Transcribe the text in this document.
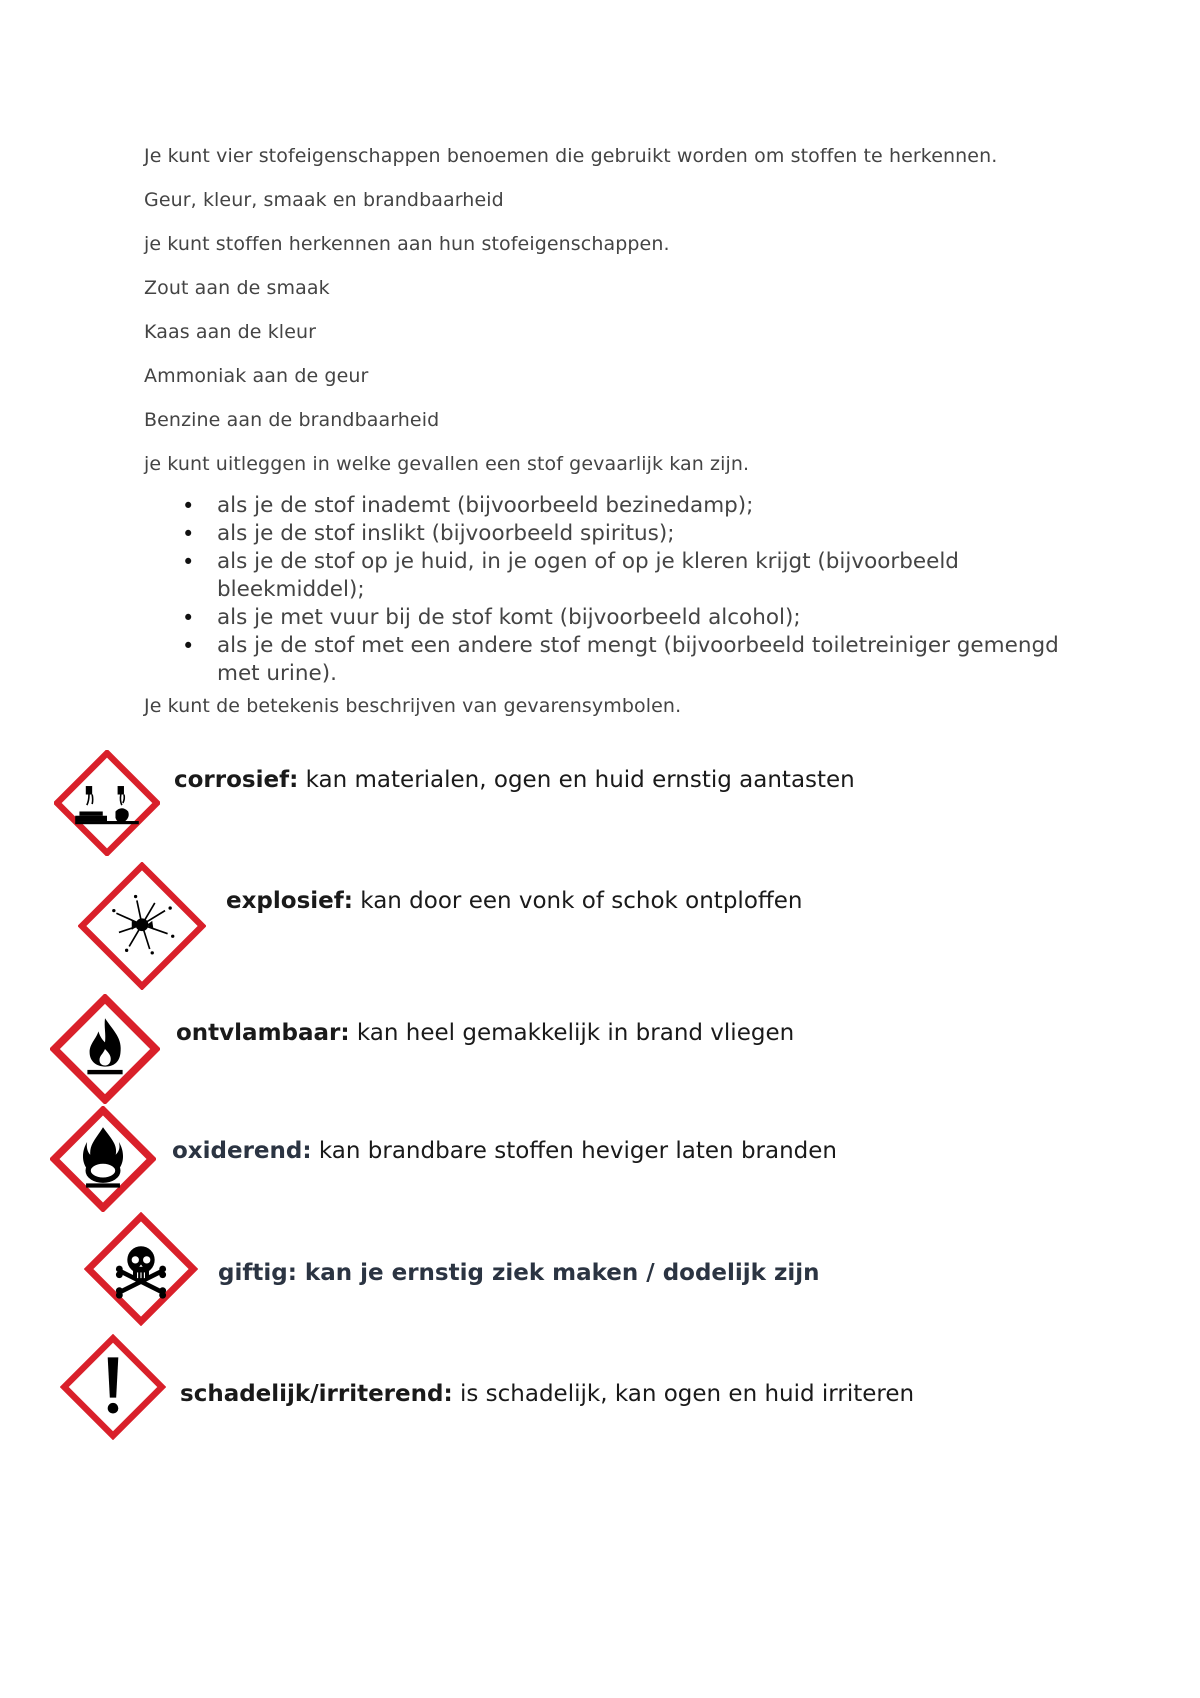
Je kunt vier stofeigenschappen benoemen die gebruikt worden om stoffen te herkennen.
Geur, kleur, smaak en brandbaarheid
je kunt stoffen herkennen aan hun stofeigenschappen.
Zout aan de smaak
Kaas aan de kleur
Ammoniak aan de geur
Benzine aan de brandbaarheid
je kunt uitleggen in welke gevallen een stof gevaarlijk kan zijn.
• als je de stof inademt (bijvoorbeeld bezinedamp);
• als je de stof inslikt (bijvoorbeeld spiritus);
• als je de stof op je huid, in je ogen of op je kleren krijgt (bijvoorbeeld bleekmiddel);
• als je met vuur bij de stof komt (bijvoorbeeld alcohol);
• als je de stof met een andere stof mengt (bijvoorbeeld toiletreiniger gemengd met urine).
Je kunt de betekenis beschrijven van gevarensymbolen.
corrosief: kan materialen, ogen en huid ernstig aantasten
explosief: kan door een vonk of schok ontploffen
ontvlambaar: kan heel gemakkelijk in brand vliegen
oxiderend: kan brandbare stoffen heviger laten branden
giftig: kan je ernstig ziek maken / dodelijk zijn
schadelijk/irriterend: is schadelijk, kan ogen en huid irriteren
